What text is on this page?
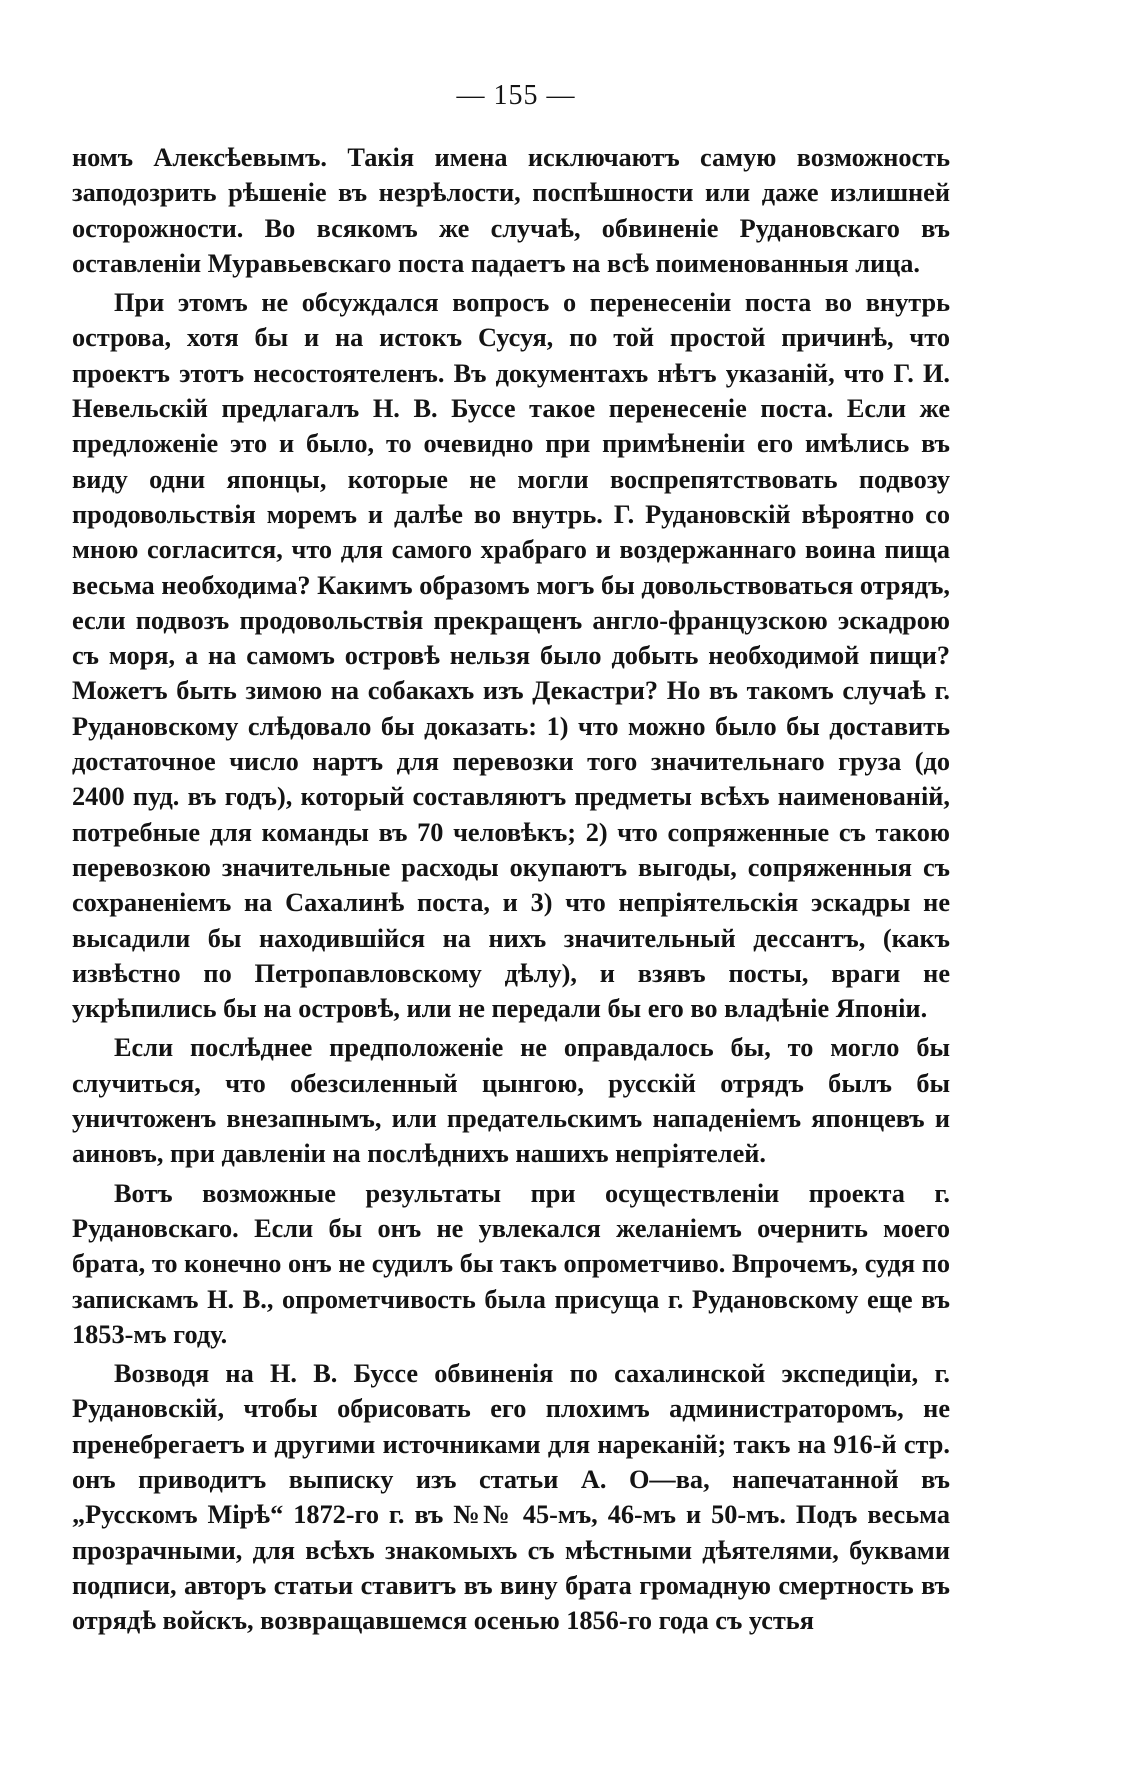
— 155 —

номъ Алексѣевымъ. Такія имена исключаютъ самую возможность заподозрить рѣшеніе въ незрѣлости, поспѣшности или даже излишней осторожности. Во всякомъ же случаѣ, обвиненіе Рудановскаго въ оставленіи Муравьевскаго поста падаетъ на всѣ поименованныя лица.

При этомъ не обсуждался вопросъ о перенесеніи поста во внутрь острова, хотя бы и на истокъ Сусуя, по той простой причинѣ, что проектъ этотъ несостоятеленъ. Въ документахъ нѣтъ указаній, что Г. И. Невельскій предлагалъ Н. В. Буссе такое перенесеніе поста. Если же предложеніе это и было, то очевидно при примѣненіи его имѣлись въ виду одни японцы, которые не могли воспрепятствовать подвозу продовольствія моремъ и далѣе во внутрь. Г. Рудановскій вѣроятно со мною согласится, что для самого храбраго и воздержаннаго воина пища весьма необходима? Какимъ образомъ могъ бы довольствоваться отрядъ, если подвозъ продовольствія прекращенъ англо-французскою эскадрою съ моря, а на самомъ островѣ нельзя было добыть необходимой пищи? Можетъ быть зимою на собакахъ изъ Декастри? Но въ такомъ случаѣ г. Рудановскому слѣдовало бы доказать: 1) что можно было бы доставить достаточное число нартъ для перевозки того значительнаго груза (до 2400 пуд. въ годъ), который составляютъ предметы всѣхъ наименованій, потребные для команды въ 70 человѣкъ; 2) что сопряженные съ такою перевозкою значительные расходы окупаютъ выгоды, сопряженныя съ сохраненіемъ на Сахалинѣ поста, и 3) что непріятельскія эскадры не высадили бы находившійся на нихъ значительный дессантъ, (какъ извѣстно по Петропавловскому дѣлу), и взявъ посты, враги не укрѣпились бы на островѣ, или не передали бы его во владѣніе Японіи.

Если послѣднее предположеніе не оправдалось бы, то могло бы случиться, что обезсиленный цынгою, русскій отрядъ былъ бы уничтоженъ внезапнымъ, или предательскимъ нападеніемъ японцевъ и аиновъ, при давленіи на послѣднихъ нашихъ непріятелей.

Вотъ возможные результаты при осуществленіи проекта г. Рудановскаго. Если бы онъ не увлекался желаніемъ очернить моего брата, то конечно онъ не судилъ бы такъ опрометчиво. Впрочемъ, судя по запискамъ Н. В., опрометчивость была присуща г. Рудановскому еще въ 1853-мъ году.

Возводя на Н. В. Буссе обвиненія по сахалинской экспедиціи, г. Рудановскій, чтобы обрисовать его плохимъ администраторомъ, не пренебрегаетъ и другими источниками для нареканій; такъ на 916-й стр. онъ приводитъ выписку изъ статьи А. О—ва, напечатанной въ „Русскомъ Мірѣ“ 1872-го г. въ №№ 45-мъ, 46-мъ и 50-мъ. Подъ весьма прозрачными, для всѣхъ знакомыхъ съ мѣстными дѣятелями, буквами подписи, авторъ статьи ставитъ въ вину брата громадную смертность въ отрядѣ войскъ, возвращавшемся осенью 1856-го года съ устья
